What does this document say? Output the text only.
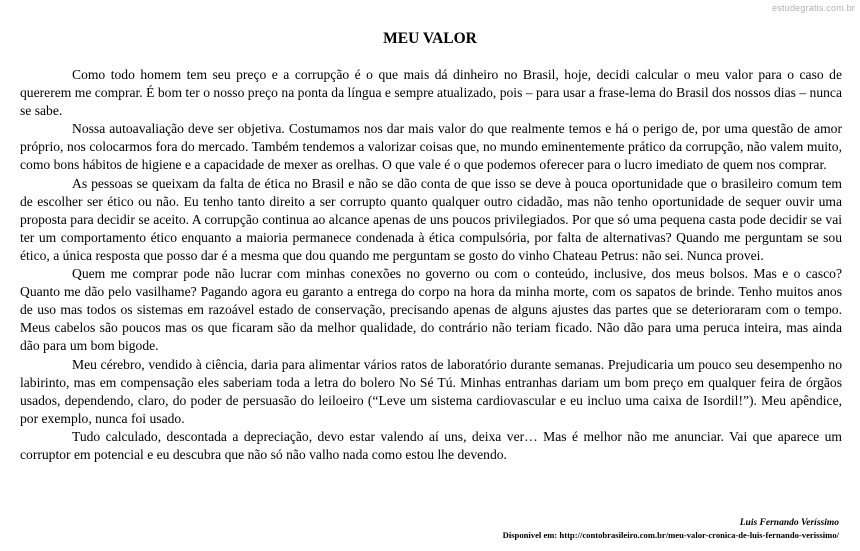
estudegratis.com.br
MEU VALOR

Como todo homem tem seu preço e a corrupção é o que mais dá dinheiro no Brasil, hoje, decidi calcular o meu valor para o caso de quererem me comprar. É bom ter o nosso preço na ponta da língua e sempre atualizado, pois – para usar a frase-lema do Brasil dos nossos dias – nunca se sabe.

Nossa autoavaliação deve ser objetiva. Costumamos nos dar mais valor do que realmente temos e há o perigo de, por uma questão de amor próprio, nos colocarmos fora do mercado. Também tendemos a valorizar coisas que, no mundo eminentemente prático da corrupção, não valem muito, como bons hábitos de higiene e a capacidade de mexer as orelhas. O que vale é o que podemos oferecer para o lucro imediato de quem nos comprar.

As pessoas se queixam da falta de ética no Brasil e não se dão conta de que isso se deve à pouca oportunidade que o brasileiro comum tem de escolher ser ético ou não. Eu tenho tanto direito a ser corrupto quanto qualquer outro cidadão, mas não tenho oportunidade de sequer ouvir uma proposta para decidir se aceito. A corrupção continua ao alcance apenas de uns poucos privilegiados. Por que só uma pequena casta pode decidir se vai ter um comportamento ético enquanto a maioria permanece condenada à ética compulsória, por falta de alternativas? Quando me perguntam se sou ético, a única resposta que posso dar é a mesma que dou quando me perguntam se gosto do vinho Chateau Petrus: não sei. Nunca provei.

Quem me comprar pode não lucrar com minhas conexões no governo ou com o conteúdo, inclusive, dos meus bolsos. Mas e o casco? Quanto me dão pelo vasilhame? Pagando agora eu garanto a entrega do corpo na hora da minha morte, com os sapatos de brinde. Tenho muitos anos de uso mas todos os sistemas em razoável estado de conservação, precisando apenas de alguns ajustes das partes que se deterioraram com o tempo. Meus cabelos são poucos mas os que ficaram são da melhor qualidade, do contrário não teriam ficado. Não dão para uma peruca inteira, mas ainda dão para um bom bigode.

Meu cérebro, vendido à ciência, daria para alimentar vários ratos de laboratório durante semanas. Prejudicaria um pouco seu desempenho no labirinto, mas em compensação eles saberiam toda a letra do bolero No Sé Tú. Minhas entranhas dariam um bom preço em qualquer feira de órgãos usados, dependendo, claro, do poder de persuasão do leiloeiro (“Leve um sistema cardiovascular e eu incluo uma caixa de Isordil!”). Meu apêndice, por exemplo, nunca foi usado.

Tudo calculado, descontada a depreciação, devo estar valendo aí uns, deixa ver… Mas é melhor não me anunciar. Vai que aparece um corruptor em potencial e eu descubra que não só não valho nada como estou lhe devendo.

Luis Fernando Veríssimo
Disponível em: http://contobrasileiro.com.br/meu-valor-cronica-de-luis-fernando-verissimo/
